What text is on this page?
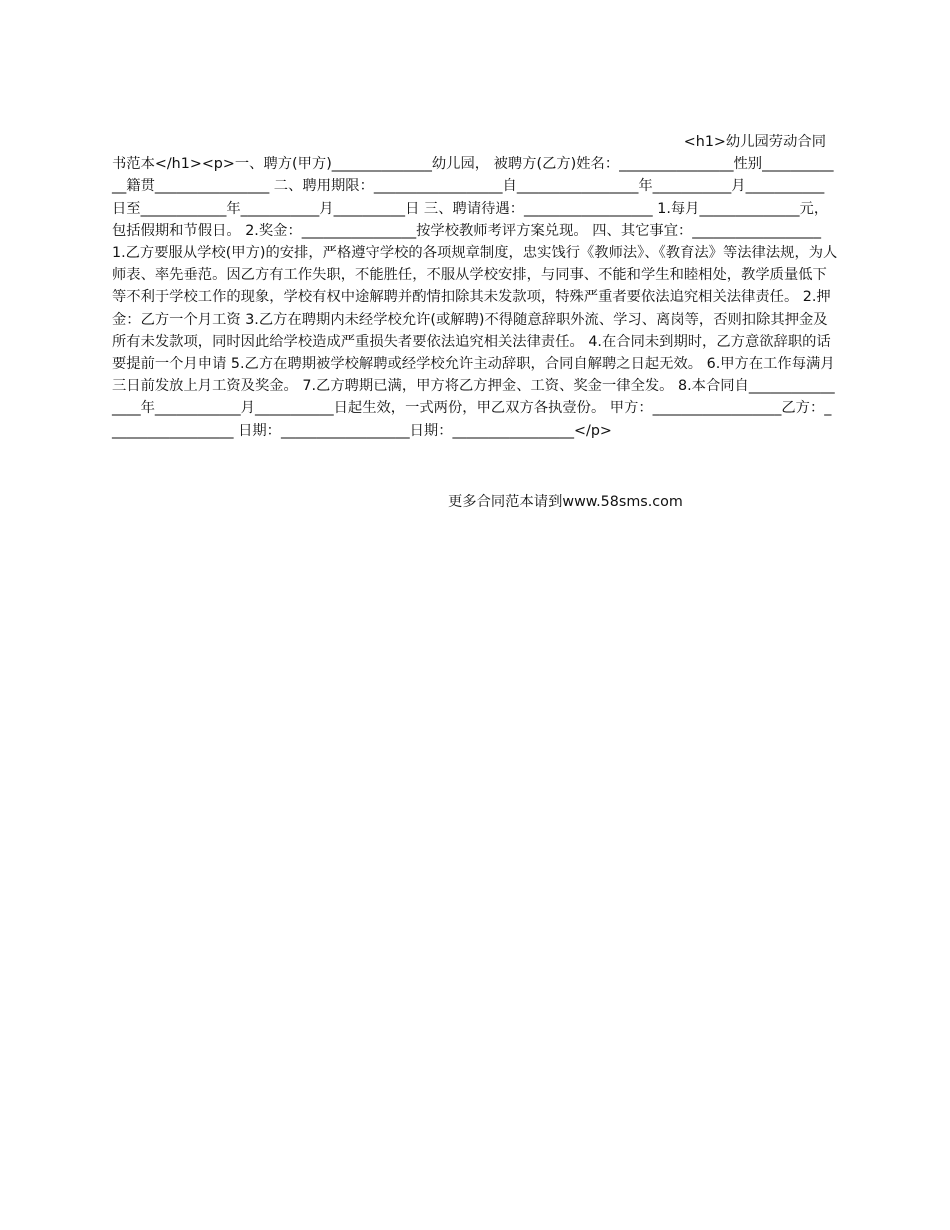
<h1>幼儿园劳动合同
书范本</h1><p>一、聘方(甲方)______________幼儿园， 被聘方(乙方)姓名：________________性别____________籍贯________________ 二、聘用期限：__________________自_________________年___________月___________日至____________年___________月__________日 三、聘请待遇：__________________ 1.每月______________元，包括假期和节假日。 2.奖金：________________按学校教师考评方案兑现。 四、其它事宜：__________________ 1.乙方要服从学校(甲方)的安排，严格遵守学校的各项规章制度，忠实饯行《教师法》、《教育法》等法律法规，为人师表、率先垂范。因乙方有工作失职，不能胜任，不服从学校安排，与同事、不能和学生和睦相处，教学质量低下等不利于学校工作的现象，学校有权中途解聘并酌情扣除其未发款项，特殊严重者要依法追究相关法律责任。 2.押金：乙方一个月工资 3.乙方在聘期内未经学校允许(或解聘)不得随意辞职外流、学习、离岗等，否则扣除其押金及所有未发款项，同时因此给学校造成严重损失者要依法追究相关法律责任。 4.在合同未到期时，乙方意欲辞职的话要提前一个月申请 5.乙方在聘期被学校解聘或经学校允许主动辞职，合同自解聘之日起无效。 6.甲方在工作每满月三日前发放上月工资及奖金。 7.乙方聘期已满，甲方将乙方押金、工资、奖金一律全发。 8.本合同自________________年____________月___________日起生效，一式两份，甲乙双方各执壹份。 甲方：__________________乙方：__________________ 日期：__________________日期：_________________</p>
更多合同范本请到www.58sms.com
